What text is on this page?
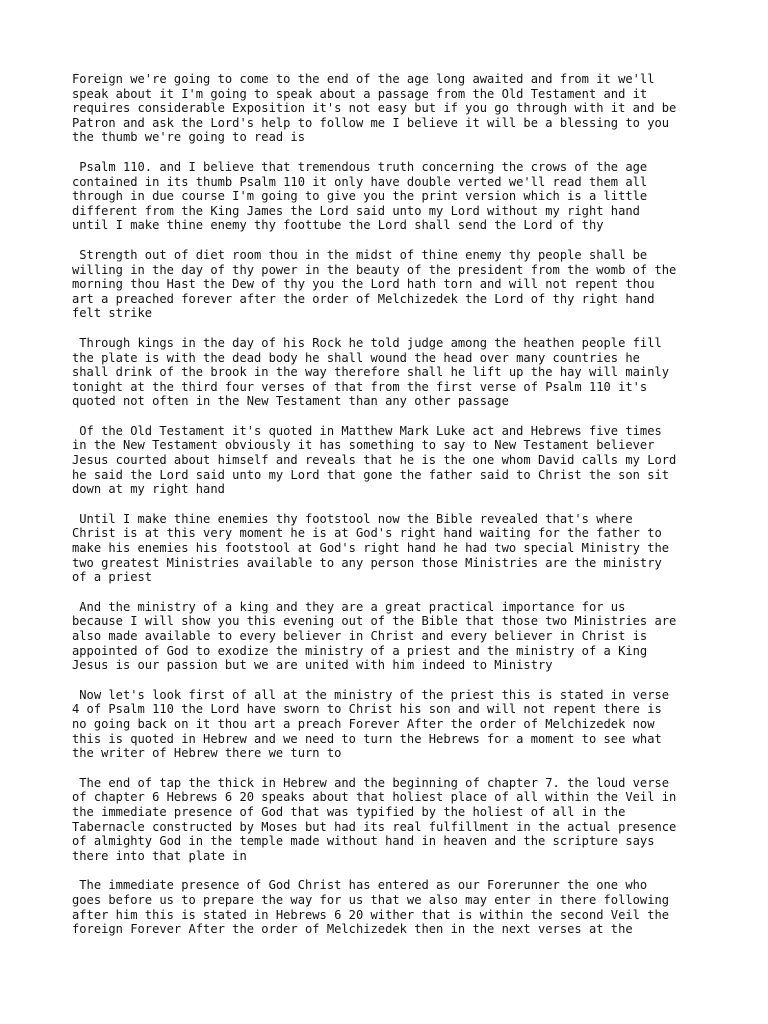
Foreign we're going to come to the end of the age long awaited and from it we'll
speak about it I'm going to speak about a passage from the Old Testament and it
requires considerable Exposition it's not easy but if you go through with it and be
Patron and ask the Lord's help to follow me I believe it will be a blessing to you
the thumb we're going to read is

Psalm 110. and I believe that tremendous truth concerning the crows of the age
contained in its thumb Psalm 110 it only have double verted we'll read them all
through in due course I'm going to give you the print version which is a little
different from the King James the Lord said unto my Lord without my right hand
until I make thine enemy thy foottube the Lord shall send the Lord of thy

Strength out of diet room thou in the midst of thine enemy thy people shall be
willing in the day of thy power in the beauty of the president from the womb of the
morning thou Hast the Dew of thy you the Lord hath torn and will not repent thou
art a preached forever after the order of Melchizedek the Lord of thy right hand
felt strike

Through kings in the day of his Rock he told judge among the heathen people fill
the plate is with the dead body he shall wound the head over many countries he
shall drink of the brook in the way therefore shall he lift up the hay will mainly
tonight at the third four verses of that from the first verse of Psalm 110 it's
quoted not often in the New Testament than any other passage

Of the Old Testament it's quoted in Matthew Mark Luke act and Hebrews five times
in the New Testament obviously it has something to say to New Testament believer
Jesus courted about himself and reveals that he is the one whom David calls my Lord
he said the Lord said unto my Lord that gone the father said to Christ the son sit
down at my right hand

Until I make thine enemies thy footstool now the Bible revealed that's where
Christ is at this very moment he is at God's right hand waiting for the father to
make his enemies his footstool at God's right hand he had two special Ministry the
two greatest Ministries available to any person those Ministries are the ministry
of a priest

And the ministry of a king and they are a great practical importance for us
because I will show you this evening out of the Bible that those two Ministries are
also made available to every believer in Christ and every believer in Christ is
appointed of God to exodize the ministry of a priest and the ministry of a King
Jesus is our passion but we are united with him indeed to Ministry

Now let's look first of all at the ministry of the priest this is stated in verse
4 of Psalm 110 the Lord have sworn to Christ his son and will not repent there is
no going back on it thou art a preach Forever After the order of Melchizedek now
this is quoted in Hebrew and we need to turn the Hebrews for a moment to see what
the writer of Hebrew there we turn to

The end of tap the thick in Hebrew and the beginning of chapter 7. the loud verse
of chapter 6 Hebrews 6 20 speaks about that holiest place of all within the Veil in
the immediate presence of God that was typified by the holiest of all in the
Tabernacle constructed by Moses but had its real fulfillment in the actual presence
of almighty God in the temple made without hand in heaven and the scripture says
there into that plate in

The immediate presence of God Christ has entered as our Forerunner the one who
goes before us to prepare the way for us that we also may enter in there following
after him this is stated in Hebrews 6 20 wither that is within the second Veil the
foreign Forever After the order of Melchizedek then in the next verses at the
